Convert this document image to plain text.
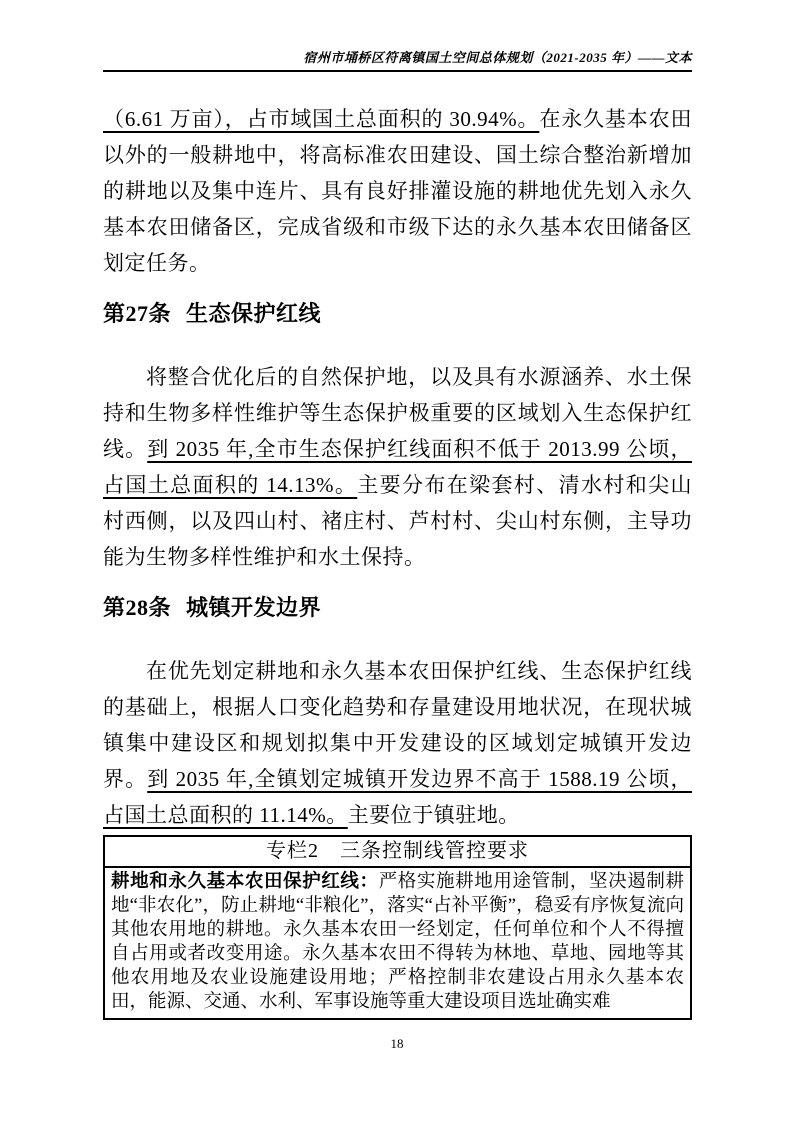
宿州市埇桥区符离镇国土空间总体规划（2021-2035 年）——文本

（6.61 万亩），占市域国土总面积的 30.94%。在永久基本农田以外的一般耕地中，将高标准农田建设、国土综合整治新增加的耕地以及集中连片、具有良好排灌设施的耕地优先划入永久基本农田储备区，完成省级和市级下达的永久基本农田储备区划定任务。

第27条 生态保护红线

将整合优化后的自然保护地，以及具有水源涵养、水土保持和生物多样性维护等生态保护极重要的区域划入生态保护红线。到 2035 年,全市生态保护红线面积不低于 2013.99 公顷，占国土总面积的 14.13%。主要分布在梁套村、清水村和尖山村西侧，以及四山村、褚庄村、芦村村、尖山村东侧，主导功能为生物多样性维护和水土保持。

第28条 城镇开发边界

在优先划定耕地和永久基本农田保护红线、生态保护红线的基础上，根据人口变化趋势和存量建设用地状况，在现状城镇集中建设区和规划拟集中开发建设的区域划定城镇开发边界。到 2035 年,全镇划定城镇开发边界不高于 1588.19 公顷，占国土总面积的 11.14%。主要位于镇驻地。

专栏2　三条控制线管控要求
耕地和永久基本农田保护红线：严格实施耕地用途管制，坚决遏制耕地“非农化”，防止耕地“非粮化”，落实“占补平衡”，稳妥有序恢复流向其他农用地的耕地。永久基本农田一经划定，任何单位和个人不得擅自占用或者改变用途。永久基本农田不得转为林地、草地、园地等其他农用地及农业设施建设用地；严格控制非农建设占用永久基本农田，能源、交通、水利、军事设施等重大建设项目选址确实难
18
